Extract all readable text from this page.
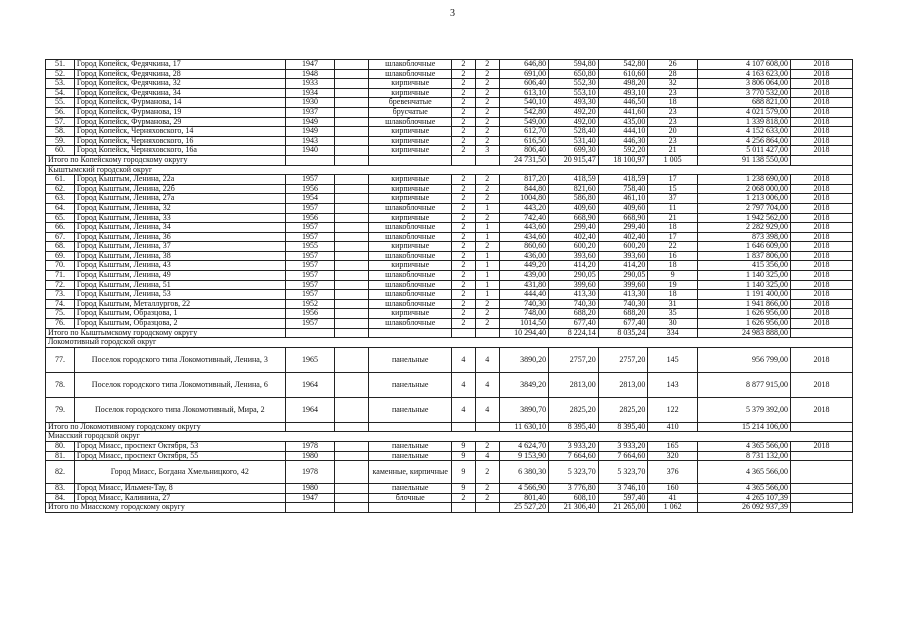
3
51.	Город Копейск, Федячкина, 17	1947		шлакоблочные	2	2	646,80	594,80	542,80	26	4 107 608,00	2018
52.	Город Копейск, Федячкина, 28	1948		шлакоблочные	2	2	691,00	650,80	610,60	28	4 163 623,00	2018
53.	Город Копейск, Федячкина, 32	1933		кирпичные	2	2	606,40	552,30	498,20	32	3 806 064,00	2018
54.	Город Копейск, Федячкина, 34	1934		кирпичные	2	2	613,10	553,10	493,10	23	3 770 532,00	2018
55.	Город Копейск, Фурманова, 14	1930		бревенчатые	2	2	540,10	493,30	446,50	18	688 821,00	2018
56.	Город Копейск, Фурманова, 19	1937		брусчатые	2	2	542,80	492,20	441,60	23	4 021 579,00	2018
57.	Город Копейск, Фурманова, 29	1949		шлакоблочные	2	2	549,00	492,00	435,00	23	1 339 818,00	2018
58.	Город Копейск, Черняховского, 14	1949		кирпичные	2	2	612,70	528,40	444,10	20	4 152 633,00	2018
59.	Город Копейск, Черняховского, 16	1943		кирпичные	2	2	616,50	531,40	446,30	23	4 256 864,00	2018
60.	Город Копейск, Черняховского, 16а	1940		кирпичные	2	3	806,40	699,30	592,20	21	5 011 427,00	2018
Итого по Копейскому городскому округу							24 731,50	20 915,47	18 100,97	1 005	91 138 550,00	
Кыштымский городской округ												
61.	Город Кыштым, Ленина, 22а	1957		кирпичные	2	2	817,20	418,59	418,59	17	1 238 690,00	2018
62.	Город Кыштым, Ленина, 22б	1956		кирпичные	2	2	844,80	821,60	758,40	15	2 068 000,00	2018
63.	Город Кыштым, Ленина, 27а	1954		кирпичные	2	2	1004,80	586,80	461,10	37	1 213 006,00	2018
64.	Город Кыштым, Ленина, 32	1957		шлакоблочные	2	1	443,20	409,60	409,60	11	2 797 704,00	2018
65.	Город Кыштым, Ленина, 33	1956		кирпичные	2	2	742,40	668,90	668,90	21	1 942 562,00	2018
66.	Город Кыштым, Ленина, 34	1957		шлакоблочные	2	1	443,60	299,40	299,40	18	2 282 929,00	2018
67.	Город Кыштым, Ленина, 36	1957		шлакоблочные	2	1	434,60	402,40	402,40	17	873 398,00	2018
68.	Город Кыштым, Ленина, 37	1955		кирпичные	2	2	860,60	600,20	600,20	22	1 646 609,00	2018
69.	Город Кыштым, Ленина, 38	1957		шлакоблочные	2	1	436,00	393,60	393,60	16	1 837 806,00	2018
70.	Город Кыштым, Ленина, 43	1957		кирпичные	2	1	449,20	414,20	414,20	18	415 356,00	2018
71.	Город Кыштым, Ленина, 49	1957		шлакоблочные	2	1	439,00	290,05	290,05	9	1 140 325,00	2018
72.	Город Кыштым, Ленина, 51	1957		шлакоблочные	2	1	431,80	399,60	399,60	19	1 140 325,00	2018
73.	Город Кыштым, Ленина, 53	1957		шлакоблочные	2	1	444,40	413,30	413,30	18	1 191 400,00	2018
74.	Город Кыштым, Металлургов, 22	1952		шлакоблочные	2	2	740,30	740,30	740,30	31	1 941 866,00	2018
75.	Город Кыштым, Образцова, 1	1956		кирпичные	2	2	748,00	688,20	688,20	35	1 626 956,00	2018
76.	Город Кыштым, Образцова, 2	1957		шлакоблочные	2	2	1014,50	677,40	677,40	30	1 626 956,00	2018
Итого по Кыштымскому городскому округу							10 294,40	8 224,14	8 035,24	334	24 983 888,00	
Локомотивный городской округ												
77.	Поселок городского типа Локомотивный, Ленина, 3	1965		панельные	4	4	3890,20	2757,20	2757,20	145	956 799,00	2018
78.	Поселок городского типа Локомотивный, Ленина, 6	1964		панельные	4	4	3849,20	2813,00	2813,00	143	8 877 915,00	2018
79.	Поселок городского типа Локомотивный, Мира, 2	1964		панельные	4	4	3890,70	2825,20	2825,20	122	5 379 392,00	2018
Итого по Локомотивному городскому округу							11 630,10	8 395,40	8 395,40	410	15 214 106,00	
Миасский городской округ												
80.	Город Миасс, проспект Октября, 53	1978		панельные	9	2	4 624,70	3 933,20	3 933,20	165	4 365 566,00	2018
81.	Город Миасс, проспект Октября, 55	1980		панельные	9	4	9 153,90	7 664,60	7 664,60	320	8 731 132,00	
82.	Город Миасс, Богдана Хмельницкого, 42	1978		каменные, кирпичные	9	2	6 380,30	5 323,70	5 323,70	376	4 365 566,00	
83.	Город Миасс, Ильмен-Тау, 8	1980		панельные	9	2	4 566,90	3 776,80	3 746,10	160	4 365 566,00	
84.	Город Миасс, Калинина, 27	1947		блочные	2	2	801,40	608,10	597,40	41	4 265 107,39	
Итого по Миасскому городскому округу							25 527,20	21 306,40	21 265,00	1 062	26 092 937,39	
